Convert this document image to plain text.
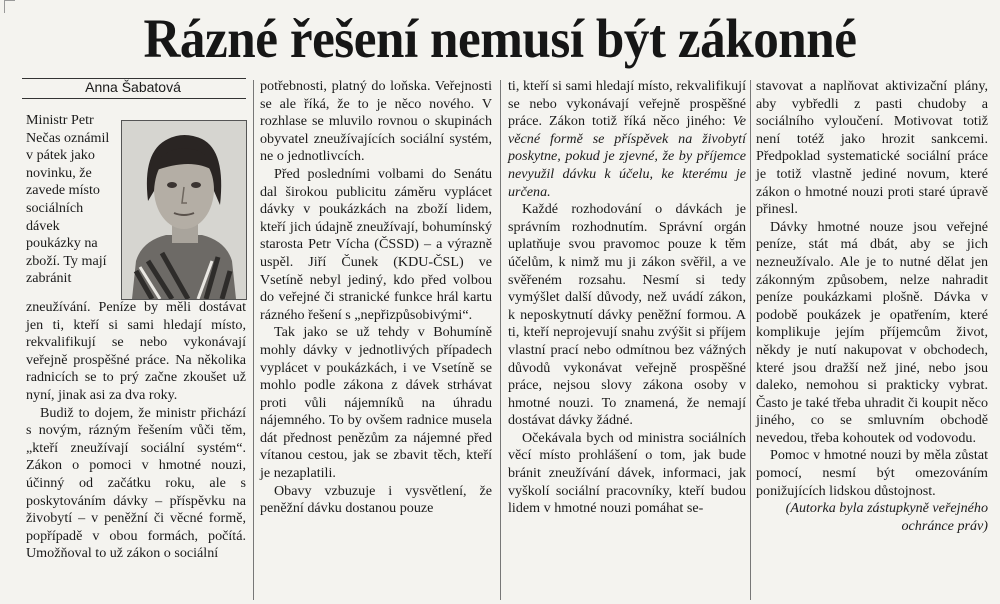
Rázné řešení nemusí být zákonné
Anna Šabatová

Ministr Petr Nečas oznámil v pátek jako novinku, že zavede místo sociálních dávek poukázky na zboží. Ty mají zabránit

zneužívání. Peníze by měli dostávat jen ti, kteří si sami hledají místo, rekvalifikují se nebo vykonávají veřejně prospěšné práce. Na několika radnicích se to prý začne zkoušet už nyní, jinak asi za dva roky.

Budiž to dojem, že ministr přichází s novým, rázným řešením vůči těm, „kteří zneužívají sociální systém“. Zákon o pomoci v hmotné nouzi, účinný od začátku roku, ale s poskytováním dávky – příspěvku na živobytí – v peněžní či věcné formě, popřípadě v obou formách, počítá. Umožňoval to už zákon o sociální

potřebnosti, platný do loňska. Veřejnosti se ale říká, že to je něco nového. V rozhlase se mluvilo rovnou o skupinách obyvatel zneužívajících sociální systém, ne o jednotlivcích.

Před posledními volbami do Senátu dal širokou publicitu záměru vyplácet dávky v poukázkách na zboží lidem, kteří jich údajně zneužívají, bohumínský starosta Petr Vícha (ČSSD) – a výrazně uspěl. Jiří Čunek (KDU-ČSL) ve Vsetíně nebyl jediný, kdo před volbou do veřejné či stranické funkce hrál kartu rázného řešení s „nepřizpůsobivými“.

Tak jako se už tehdy v Bohumíně mohly dávky v jednotlivých případech vyplácet v poukázkách, i ve Vsetíně se mohlo podle zákona z dávek strhávat proti vůli nájemníků na úhradu nájemného. To by ovšem radnice musela dát přednost penězům za nájemné před vítanou cestou, jak se zbavit těch, kteří je nezaplatili.

Obavy vzbuzuje i vysvětlení, že peněžní dávku dostanou pouze

ti, kteří si sami hledají místo, rekvalifikují se nebo vykonávají veřejně prospěšné práce. Zákon totiž říká něco jiného: Ve věcné formě se příspěvek na živobytí poskytne, pokud je zjevné, že by příjemce nevyužil dávku k účelu, ke kterému je určena.

Každé rozhodování o dávkách je správním rozhodnutím. Správní orgán uplatňuje svou pravomoc pouze k těm účelům, k nimž mu ji zákon svěřil, a ve svěřeném rozsahu. Nesmí si tedy vymýšlet další důvody, než uvádí zákon, k neposkytnutí dávky peněžní formou. A ti, kteří neprojevují snahu zvýšit si příjem vlastní prací nebo odmítnou bez vážných důvodů vykonávat veřejně prospěšné práce, nejsou slovy zákona osoby v hmotné nouzi. To znamená, že nemají dostávat dávky žádné.

Očekávala bych od ministra sociálních věcí místo prohlášení o tom, jak bude bránit zneužívání dávek, informaci, jak vyškolí sociální pracovníky, kteří budou lidem v hmotné nouzi pomáhat se-

stavovat a naplňovat aktivizační plány, aby vybředli z pasti chudoby a sociálního vyloučení. Motivovat totiž není totéž jako hrozit sankcemi. Předpoklad systematické sociální práce je totiž vlastně jediné novum, které zákon o hmotné nouzi proti staré úpravě přinesl.

Dávky hmotné nouze jsou veřejné peníze, stát má dbát, aby se jich nezneužívalo. Ale je to nutné dělat jen zákonným způsobem, nelze nahradit peníze poukázkami plošně. Dávka v podobě poukázek je opatřením, které komplikuje jejím příjemcům život, někdy je nutí nakupovat v obchodech, které jsou dražší než jiné, nebo jsou daleko, nemohou si prakticky vybrat. Často je také třeba uhradit či koupit něco jiného, co se smluvním obchodě nevedou, třeba kohoutek od vodovodu.

Pomoc v hmotné nouzi by měla zůstat pomocí, nesmí být omezováním ponižujících lidskou důstojnost.

(Autorka byla zástupkyně veřejného ochránce práv)
